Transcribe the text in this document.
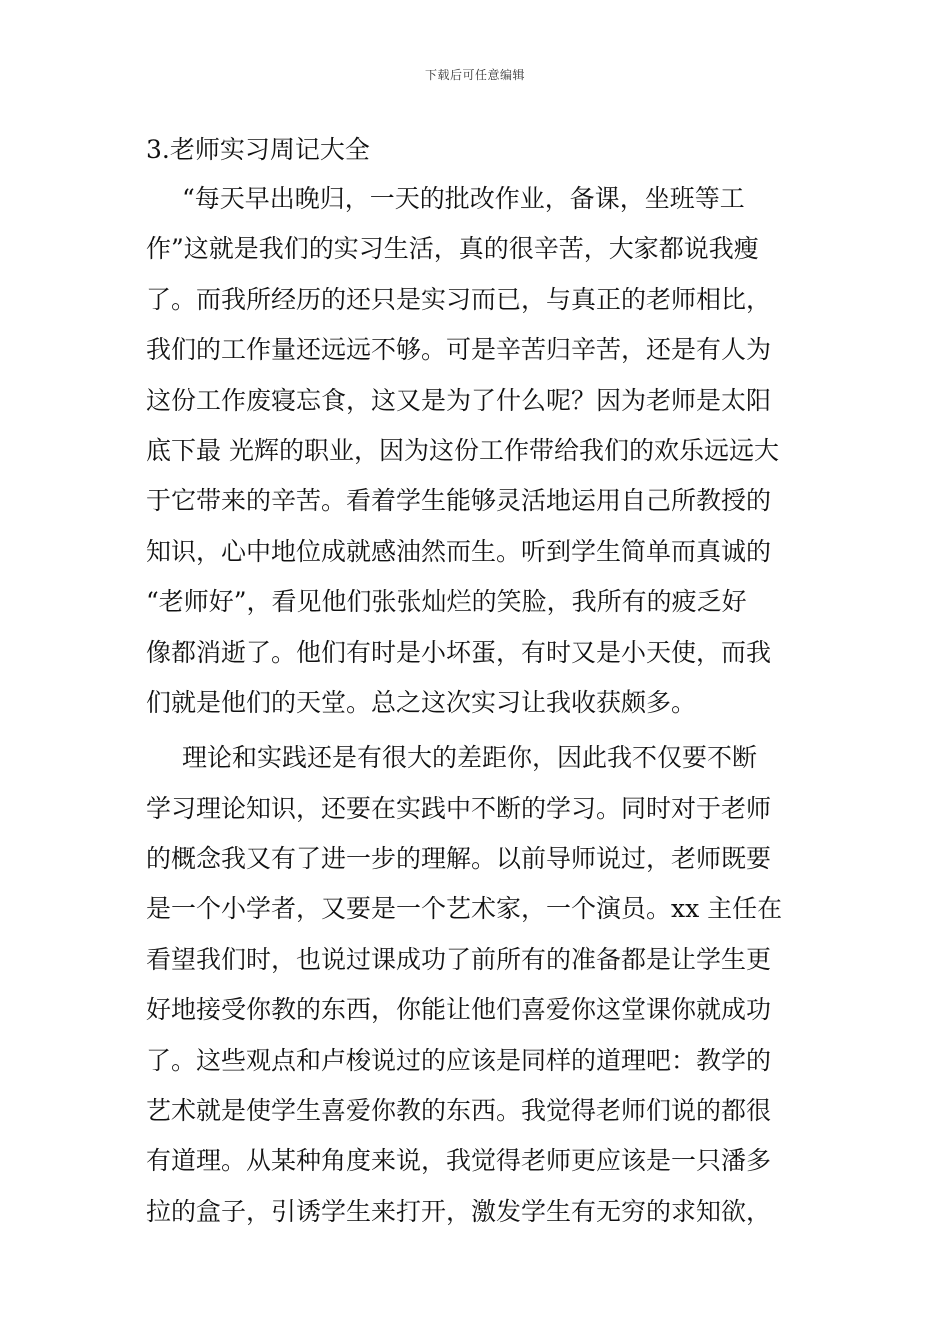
下载后可任意编辑
3.老师实习周记大全
“每天早出晚归，一天的批改作业，备课，坐班等工
作”这就是我们的实习生活，真的很辛苦，大家都说我瘦
了。而我所经历的还只是实习而已，与真正的老师相比，
我们的工作量还远远不够。可是辛苦归辛苦，还是有人为
这份工作废寝忘食，这又是为了什么呢？因为老师是太阳
底下最 光辉的职业，因为这份工作带给我们的欢乐远远大
于它带来的辛苦。看着学生能够灵活地运用自己所教授的
知识，心中地位成就感油然而生。听到学生简单而真诚的
“老师好”，看见他们张张灿烂的笑脸，我所有的疲乏好
像都消逝了。他们有时是小坏蛋，有时又是小天使，而我
们就是他们的天堂。总之这次实习让我收获颇多。
理论和实践还是有很大的差距你，因此我不仅要不断
学习理论知识，还要在实践中不断的学习。同时对于老师
的概念我又有了进一步的理解。以前导师说过，老师既要
是一个小学者，又要是一个艺术家，一个演员。xx 主任在
看望我们时，也说过课成功了前所有的准备都是让学生更
好地接受你教的东西，你能让他们喜爱你这堂课你就成功
了。这些观点和卢梭说过的应该是同样的道理吧：教学的
艺术就是使学生喜爱你教的东西。我觉得老师们说的都很
有道理。从某种角度来说，我觉得老师更应该是一只潘多
拉的盒子，引诱学生来打开，激发学生有无穷的求知欲，
